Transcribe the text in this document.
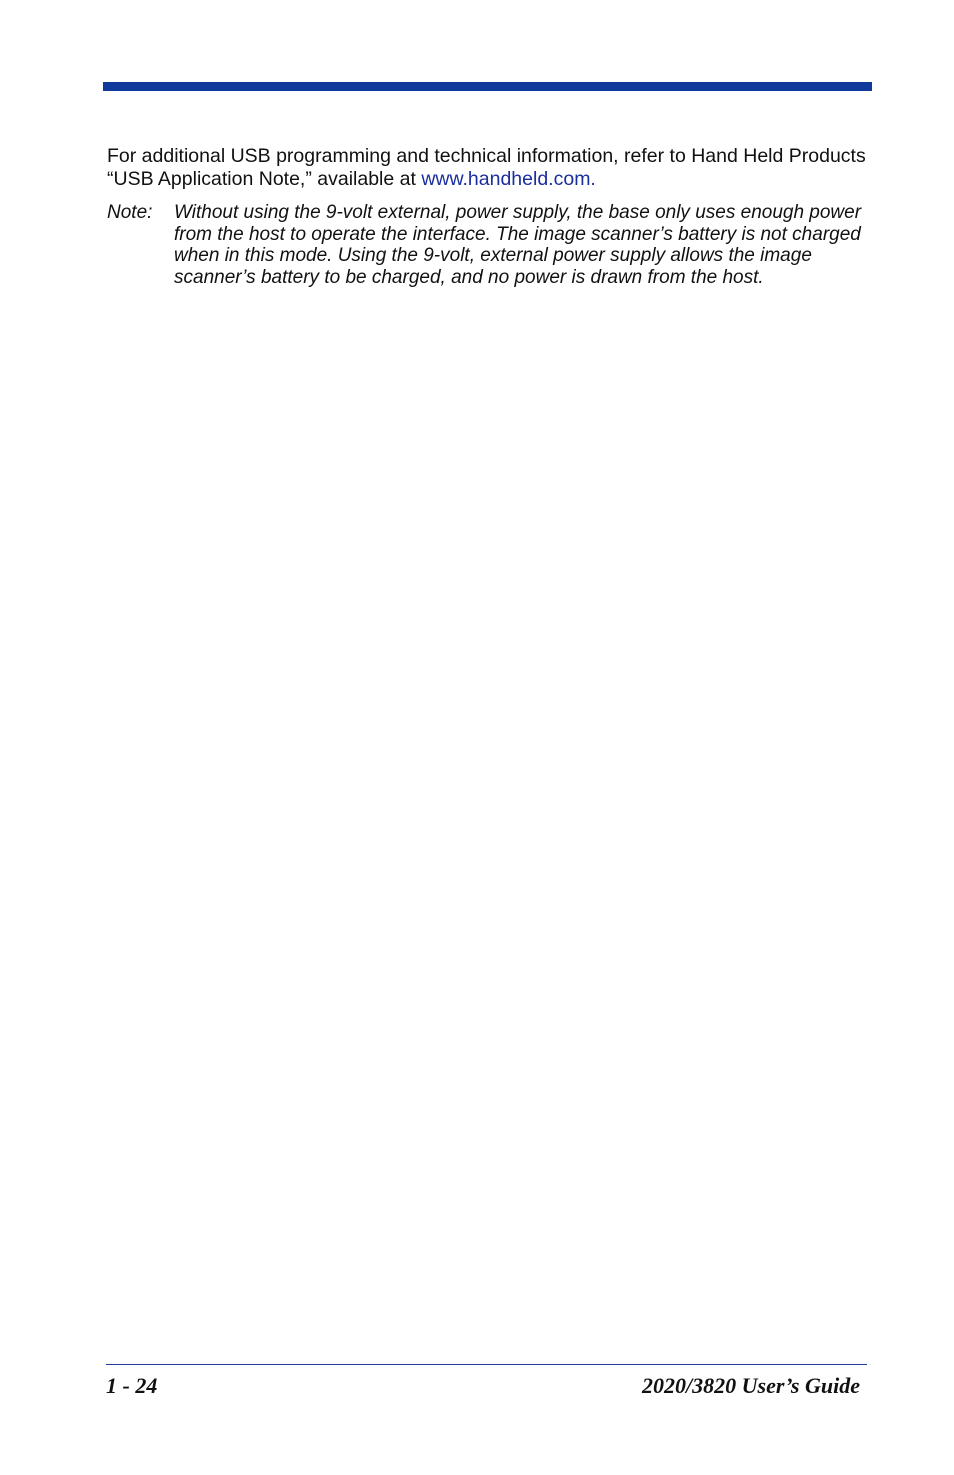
For additional USB programming and technical information, refer to Hand Held Products “USB Application Note,” available at www.handheld.com.

Note: Without using the 9-volt external, power supply, the base only uses enough power from the host to operate the interface. The image scanner’s battery is not charged when in this mode. Using the 9-volt, external power supply allows the image scanner’s battery to be charged, and no power is drawn from the host.
1 - 24	2020/3820 User’s Guide
